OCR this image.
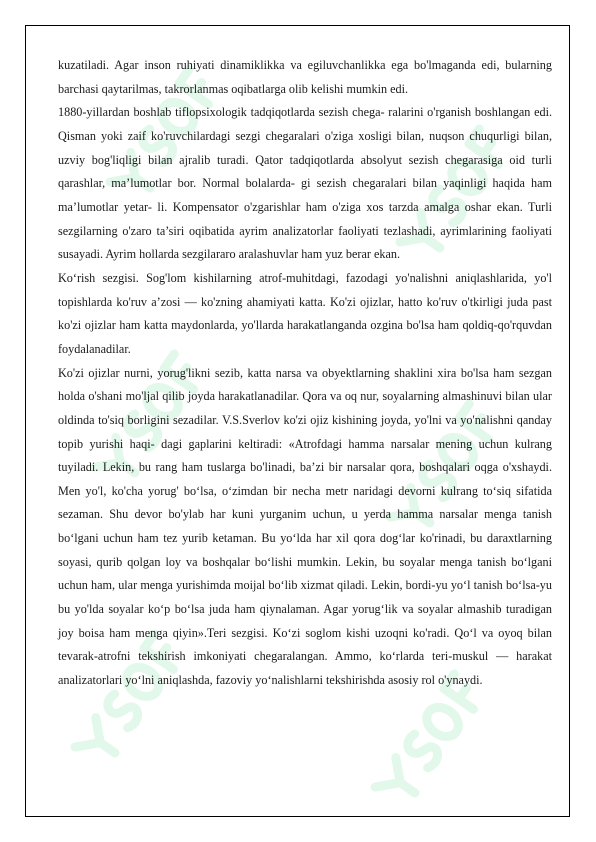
kuzatiladi. Agar inson ruhiyati dinamiklikka va egiluvchanlikka ega bo'lmaganda edi, bularning barchasi qaytarilmas, takrorlanmas oqibatlarga olib kelishi mumkin edi.

1880-yillardan boshlab tiflopsixologik tadqiqotlarda sezish chega- ralarini o'rganish boshlangan edi. Qisman yoki zaif ko'ruvchilardagi sezgi chegaralari o'ziga xosligi bilan, nuqson chuqurligi bilan, uzviy bog'liqligi bilan ajralib turadi. Qator tadqiqotlarda absolyut sezish chegarasiga oid turli qarashlar, ma’lumotlar bor. Normal bolalarda- gi sezish chegaralari bilan yaqinligi haqida ham ma’lumotlar yetar- li. Kompensator o'zgarishlar ham o'ziga xos tarzda amalga oshar ekan. Turli sezgilarning o'zaro ta’siri oqibatida ayrim analizatorlar faoliyati tezlashadi, ayrimlarining faoliyati susayadi. Ayrim hollarda sezgilararo aralashuvlar ham yuz berar ekan.

Ko‘rish sezgisi. Sog'lom kishilarning atrof-muhitdagi, fazodagi yo'nalishni aniqlashlarida, yo'l topishlarda ko'ruv a’zosi — ko'zning ahamiyati katta. Ko'zi ojizlar, hatto ko'ruv o'tkirligi juda past ko'zi ojizlar ham katta maydonlarda, yo'llarda harakatlanganda ozgina bo'lsa ham qoldiq-qo'rquvdan foydalanadilar.

Ko'zi ojizlar nurni, yorug'likni sezib, katta narsa va obyektlarning shaklini xira bo'lsa ham sezgan holda o'shani mo'ljal qilib joyda harakatlanadilar. Qora va oq nur, soyalarning almashinuvi bilan ular oldinda to'siq borligini sezadilar. V.S.Sverlov ko'zi ojiz kishining joyda, yo'lni va yo'nalishni qanday topib yurishi haqi- dagi gaplarini keltiradi: «Atrofdagi hamma narsalar mening uchun kulrang tuyiladi. Lekin, bu rang ham tuslarga bo'linadi, ba’zi bir narsalar qora, boshqalari oqga o'xshaydi. Men yo'l, ko'cha yorug' bo‘lsa, o‘zimdan bir necha metr naridagi devorni kulrang to‘siq sifatida sezaman. Shu devor bo'ylab har kuni yurganim uchun, u yerda hamma narsalar menga tanish bo‘lgani uchun ham tez yurib ketaman. Bu yo‘lda har xil qora dog‘lar ko'rinadi, bu daraxtlarning soyasi, qurib qolgan loy va boshqalar bo‘lishi mumkin. Lekin, bu soyalar menga tanish bo‘lgani uchun ham, ular menga yurishimda moijal bo‘lib xizmat qiladi. Lekin, bordi-yu yo‘l tanish bo‘lsa-yu bu yo'lda soyalar ko‘p bo‘lsa juda ham qiynalaman. Agar yorug‘lik va soyalar almashib turadigan joy boisa ham menga qiyin».Teri sezgisi. Ko‘zi soglom kishi uzoqni ko'radi. Qo‘l va oyoq bilan tevarak-atrofni tekshirish imkoniyati chegaralangan. Ammo, ko‘rlarda teri-muskul — harakat analizatorlari yo‘lni aniqlashda, fazoviy yo‘nalishlarni tekshirishda asosiy rol o'ynaydi.
